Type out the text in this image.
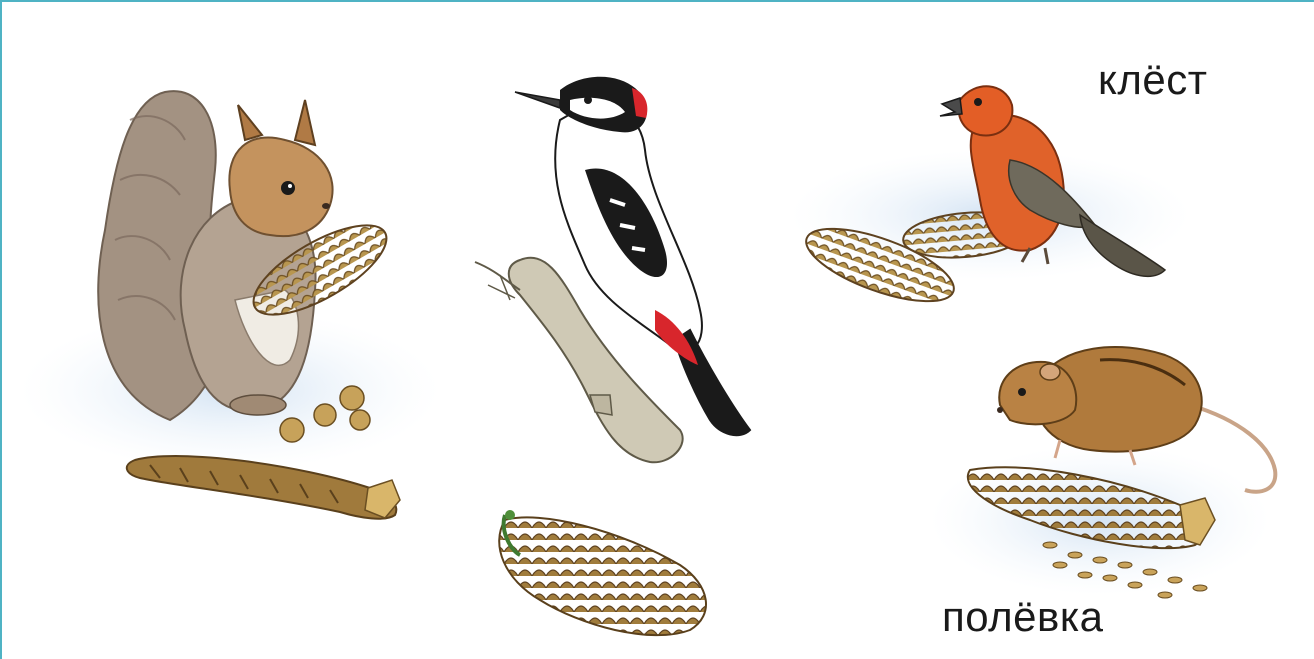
клёст
полёвка
